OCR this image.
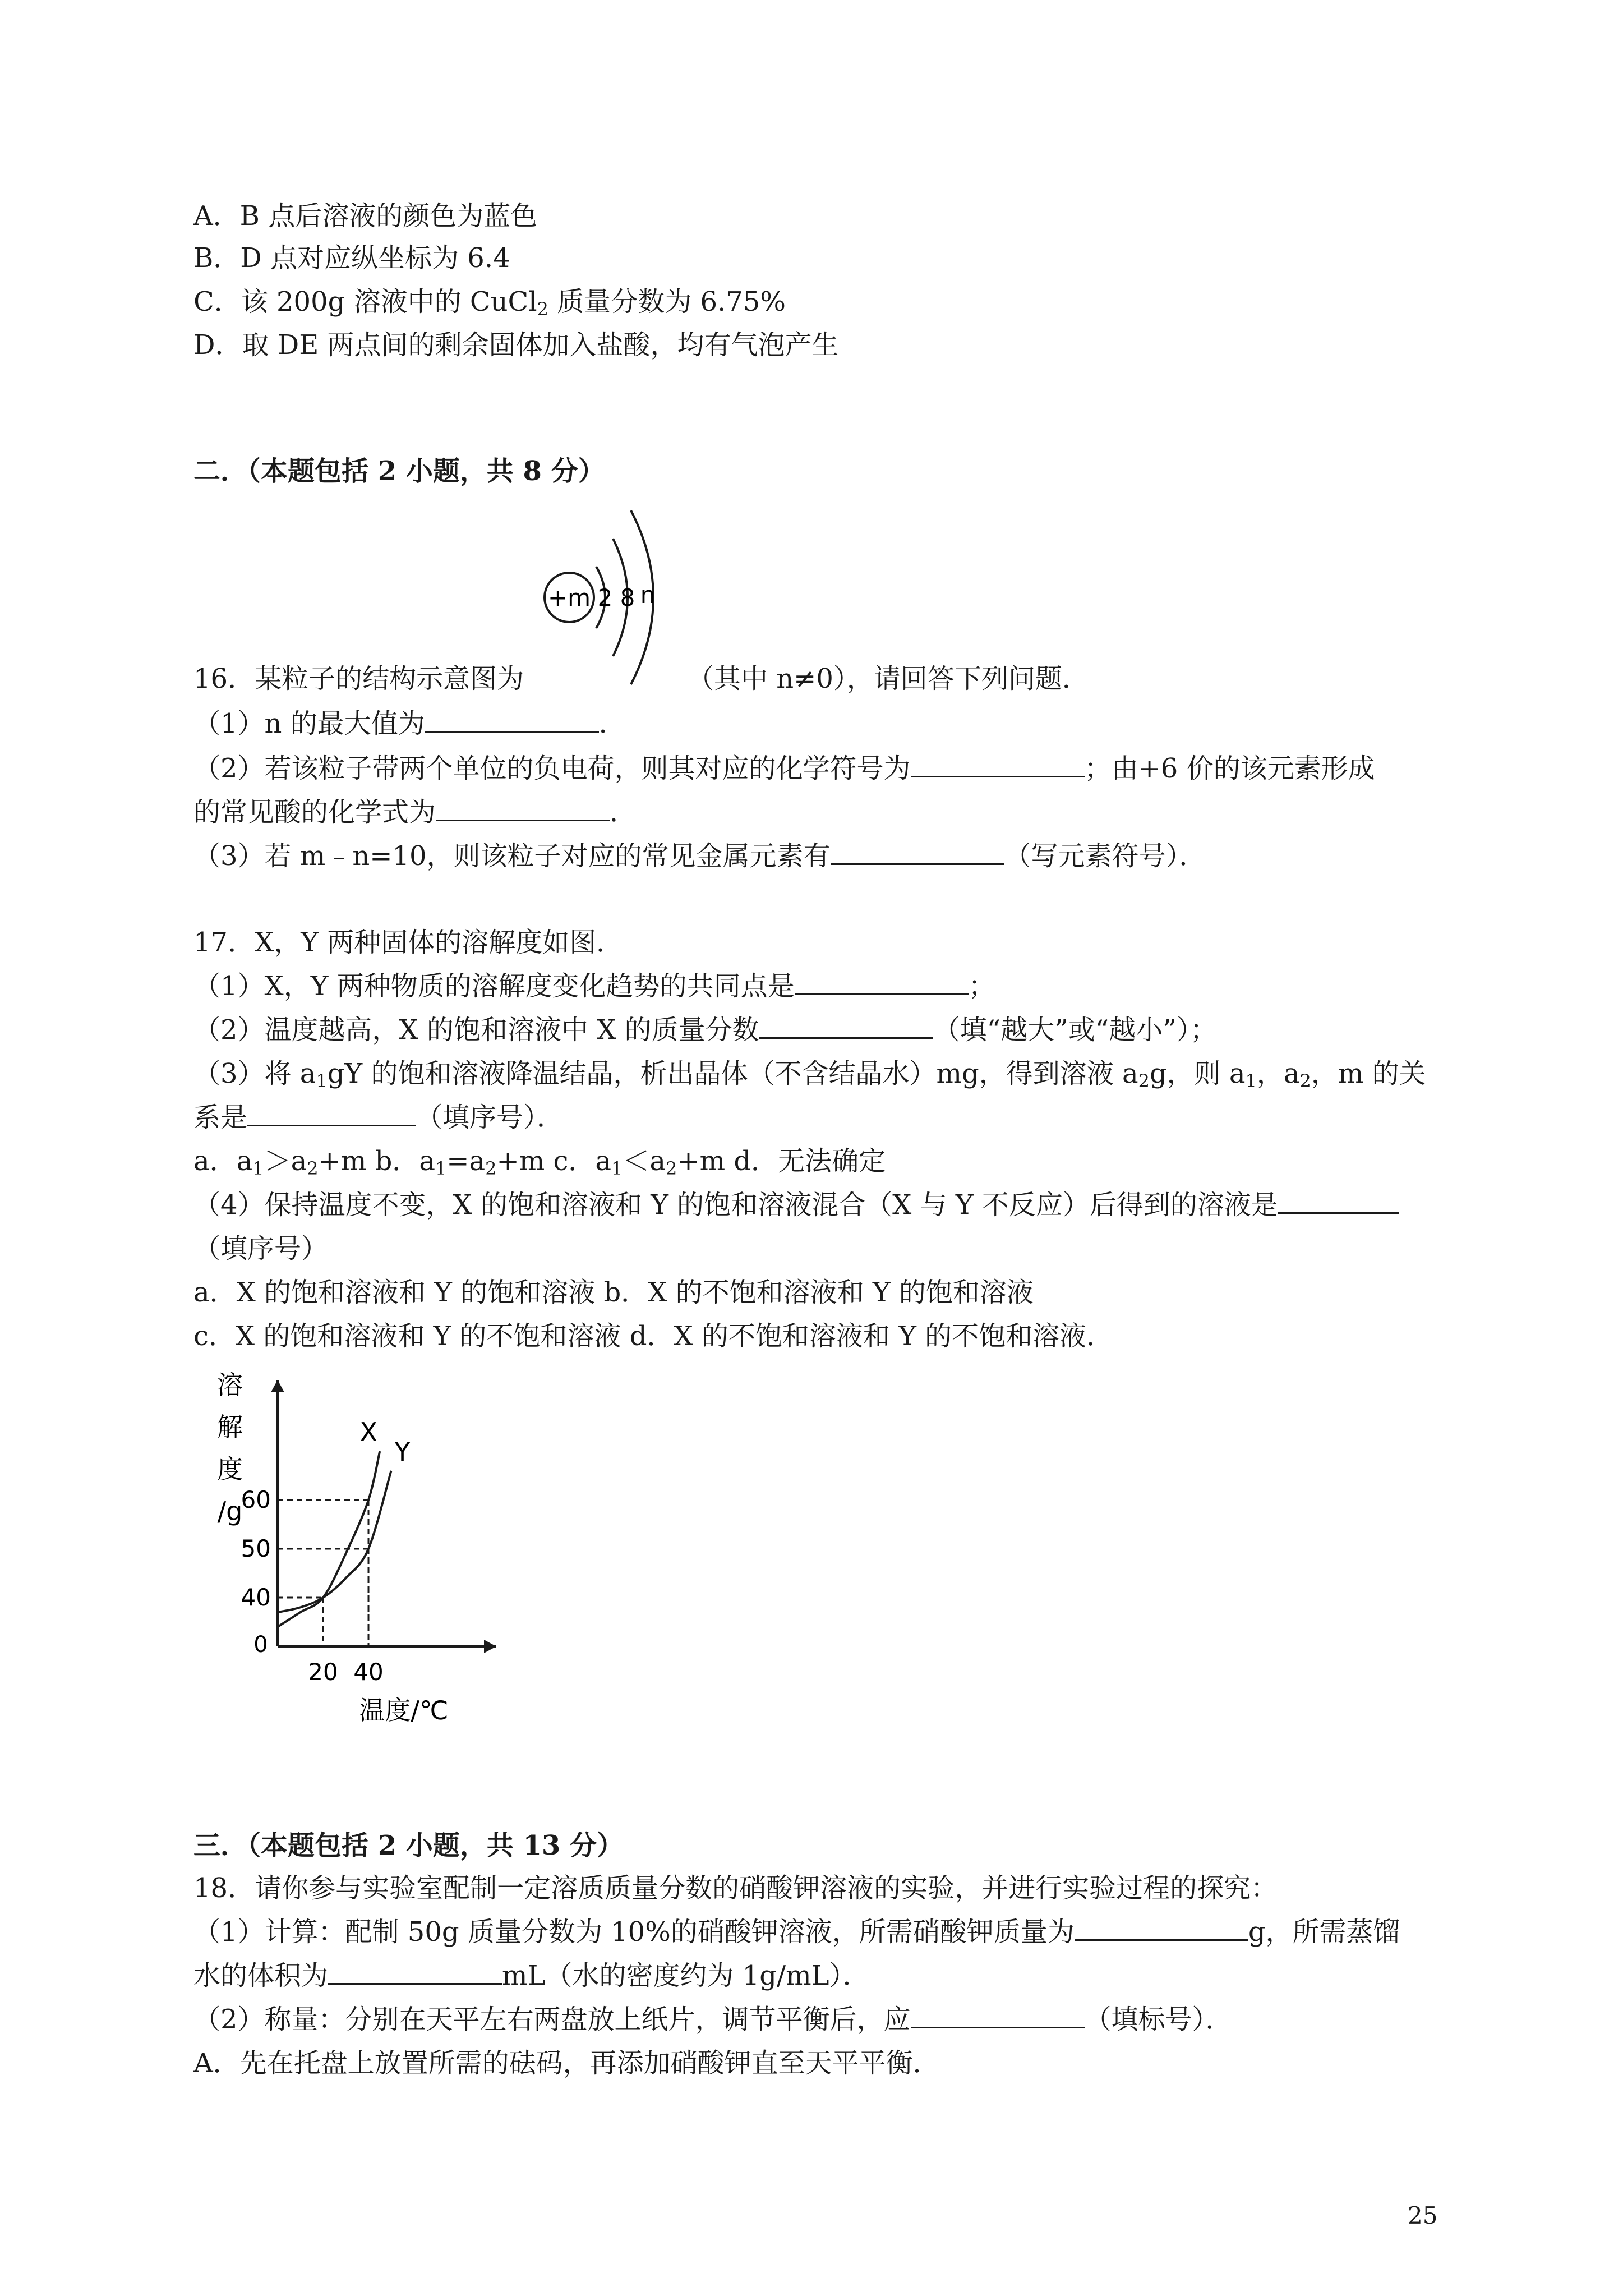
A．B 点后溶液的颜色为蓝色
B．D 点对应纵坐标为 6.4
C．该 200g 溶液中的 CuCl$_2$ 质量分数为 6.75%
D．取 DE 两点间的剩余固体加入盐酸，均有气泡产生
二．（本题包括 2 小题，共 8 分）
+m 2 8 n
16．某粒子的结构示意图为	（其中 n≠0），请回答下列问题．
（1）n 的最大值为	．
（2）若该粒子带两个单位的负电荷，则其对应的化学符号为	；由+6 价的该元素形成
的常见酸的化学式为	．
（3）若 m﹣n=10，则该粒子对应的常见金属元素有	（写元素符号）．
17．X，Y 两种固体的溶解度如图．
（1）X，Y 两种物质的溶解度变化趋势的共同点是	；
（2）温度越高，X 的饱和溶液中 X 的质量分数	（填“越大”或“越小”）；
（3）将 $a_1gY$ 的饱和溶液降温结晶，析出晶体（不含结晶水）mg，得到溶液 $a_2g$，则 $a_1$，$a_2$，m 的关
系是	（填序号）．
a．$a_1>a_2+m$ b．$a_1=a_2+m$ c．$a_1<a_2+m$ d．无法确定
（4）保持温度不变，X 的饱和溶液和 Y 的饱和溶液混合（X 与 Y 不反应）后得到的溶液是
（填序号）
a．X 的饱和溶液和 Y 的饱和溶液 b．X 的不饱和溶液和 Y 的饱和溶液
c．X 的饱和溶液和 Y 的不饱和溶液 d．X 的不饱和溶液和 Y 的不饱和溶液．
溶
解
度
/g
温度/℃
0
20 40
40
50
60
X
Y
三．（本题包括 2 小题，共 13 分）
18．请你参与实验室配制一定溶质质量分数的硝酸钾溶液的实验，并进行实验过程的探究：
（1）计算：配制 50g 质量分数为 10%的硝酸钾溶液，所需硝酸钾质量为	g，所需蒸馏
水的体积为	mL（水的密度约为 1g/mL）．
（2）称量：分别在天平左右两盘放上纸片，调节平衡后，应	（填标号）．
A．先在托盘上放置所需的砝码，再添加硝酸钾直至天平平衡．
25
